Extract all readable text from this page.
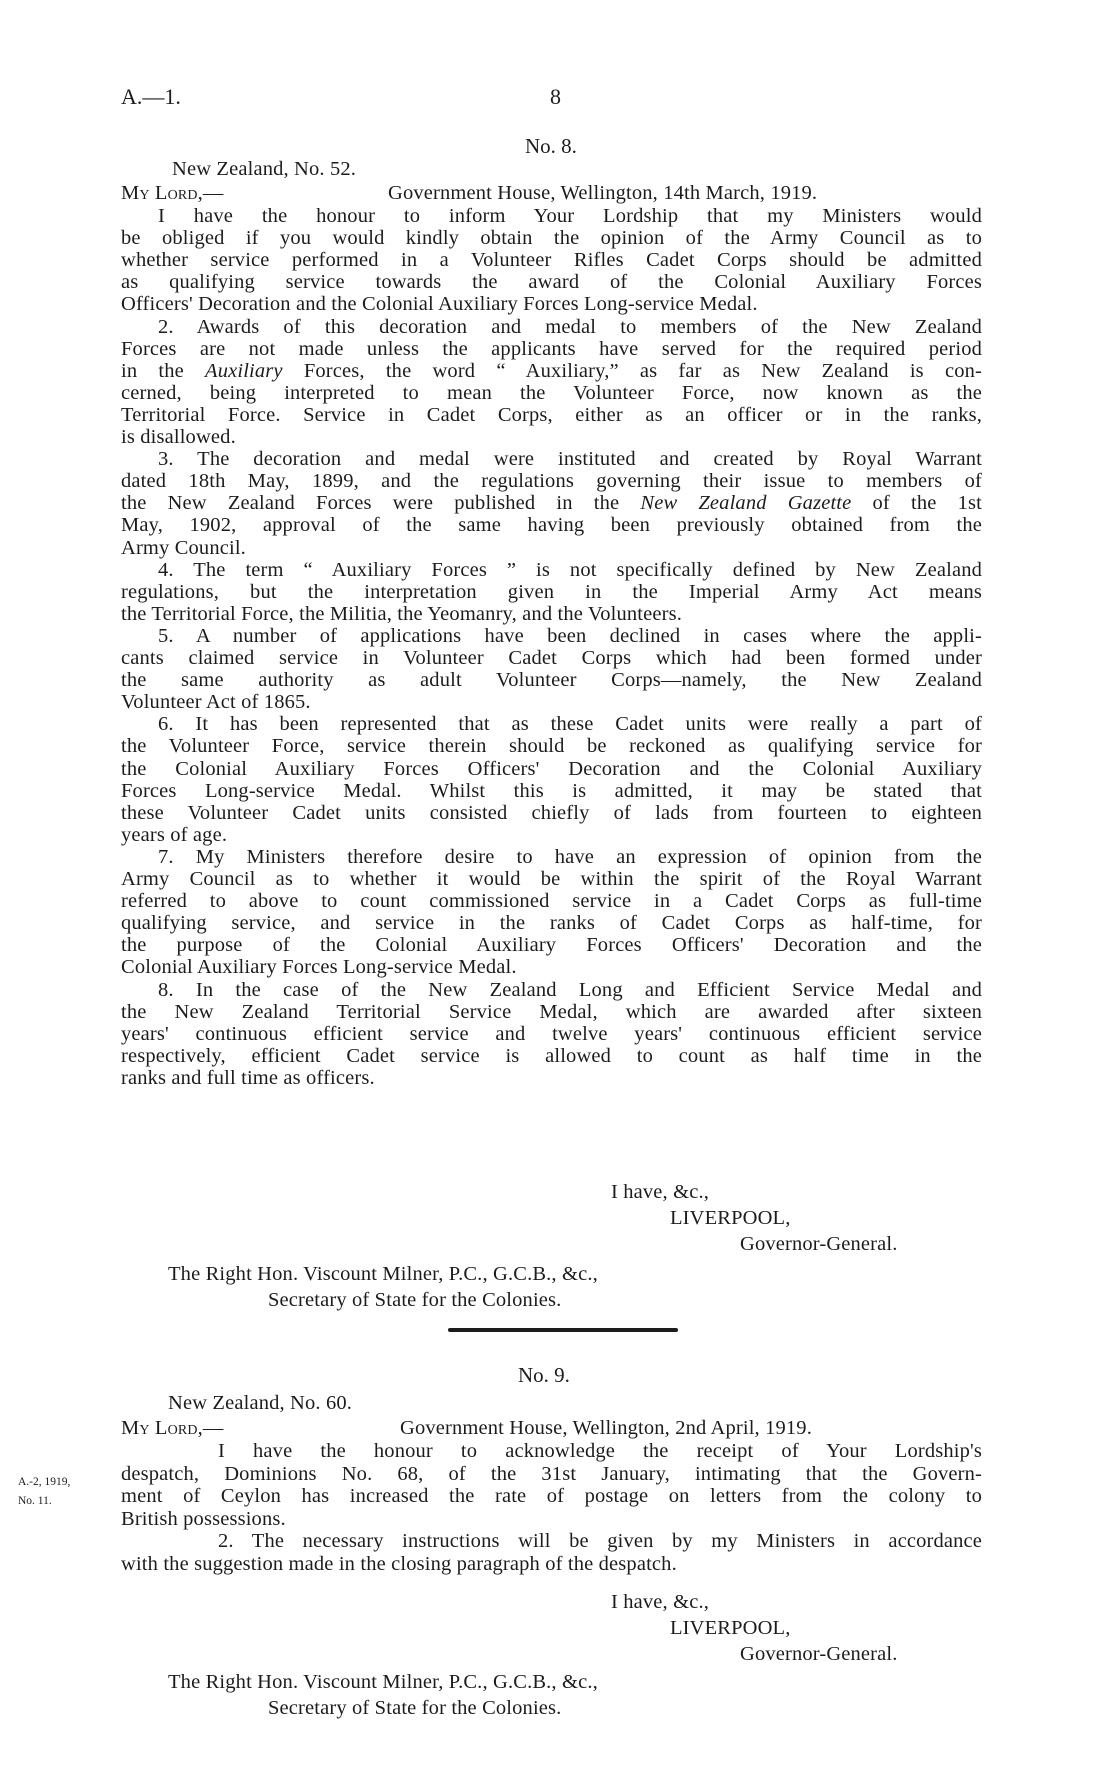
A.—1.	8
No. 8.
New Zealand, No. 52.
My Lord,—	Government House, Wellington, 14th March, 1919.
I have the honour to inform Your Lordship that my Ministers would
be obliged if you would kindly obtain the opinion of the Army Council as to
whether service performed in a Volunteer Rifles Cadet Corps should be admitted
as qualifying service towards the award of the Colonial Auxiliary Forces
Officers' Decoration and the Colonial Auxiliary Forces Long-service Medal.
2. Awards of this decoration and medal to members of the New Zealand
Forces are not made unless the applicants have served for the required period
in the Auxiliary Forces, the word “ Auxiliary,” as far as New Zealand is con-
cerned, being interpreted to mean the Volunteer Force, now known as the
Territorial Force. Service in Cadet Corps, either as an officer or in the ranks,
is disallowed.
3. The decoration and medal were instituted and created by Royal Warrant
dated 18th May, 1899, and the regulations governing their issue to members of
the New Zealand Forces were published in the New Zealand Gazette of the 1st
May, 1902, approval of the same having been previously obtained from the
Army Council.
4. The term “ Auxiliary Forces ” is not specifically defined by New Zealand
regulations, but the interpretation given in the Imperial Army Act means
the Territorial Force, the Militia, the Yeomanry, and the Volunteers.
5. A number of applications have been declined in cases where the appli-
cants claimed service in Volunteer Cadet Corps which had been formed under
the same authority as adult Volunteer Corps—namely, the New Zealand
Volunteer Act of 1865.
6. It has been represented that as these Cadet units were really a part of
the Volunteer Force, service therein should be reckoned as qualifying service for
the Colonial Auxiliary Forces Officers' Decoration and the Colonial Auxiliary
Forces Long-service Medal. Whilst this is admitted, it may be stated that
these Volunteer Cadet units consisted chiefly of lads from fourteen to eighteen
years of age.
7. My Ministers therefore desire to have an expression of opinion from the
Army Council as to whether it would be within the spirit of the Royal Warrant
referred to above to count commissioned service in a Cadet Corps as full-time
qualifying service, and service in the ranks of Cadet Corps as half-time, for
the purpose of the Colonial Auxiliary Forces Officers' Decoration and the
Colonial Auxiliary Forces Long-service Medal.
8. In the case of the New Zealand Long and Efficient Service Medal and
the New Zealand Territorial Service Medal, which are awarded after sixteen
years' continuous efficient service and twelve years' continuous efficient service
respectively, efficient Cadet service is allowed to count as half time in the
ranks and full time as officers.
I have, &c.,
LIVERPOOL,
Governor-General.
The Right Hon. Viscount Milner, P.C., G.C.B., &c.,
Secretary of State for the Colonies.
No. 9.
New Zealand, No. 60.
My Lord,—	Government House, Wellington, 2nd April, 1919.
A.-2, 1919,
No. 11.
I have the honour to acknowledge the receipt of Your Lordship's
despatch, Dominions No. 68, of the 31st January, intimating that the Govern-
ment of Ceylon has increased the rate of postage on letters from the colony to
British possessions.
2. The necessary instructions will be given by my Ministers in accordance
with the suggestion made in the closing paragraph of the despatch.
I have, &c.,
LIVERPOOL,
Governor-General.
The Right Hon. Viscount Milner, P.C., G.C.B., &c.,
Secretary of State for the Colonies.
